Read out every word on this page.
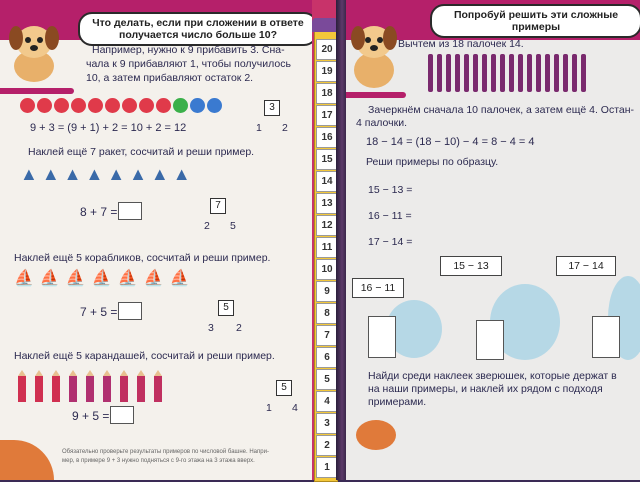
Что делать, если при сложении в ответе получается число больше 10?
Например, нужно к 9 прибавить 3. Сна-
чала к 9 прибавляют 1, чтобы получилось
10, а затем прибавляют остаток 2.
3
1 2
9 + 3 = (9 + 1) + 2 = 10 + 2 = 12
Наклей ещё 7 ракет, сосчитай и реши пример.
▲▲▲▲▲▲▲▲
8 + 7 =	7
2 5
Наклей ещё 5 кораблик​ов, сосчитай и реши пример.
⛵⛵⛵⛵⛵⛵⛵
7 + 5 =	5
3 2
Наклей ещё 5 карандашей, сосчитай и реши пример.
9 + 5 =
5
1 4
Обязательно проверьте результаты примеров по числовой башне. Напри-
мер, в примере 9 + 3 нужно подняться с 9-го этажа на 3 этажа вверх.
20
19
18
17
16
15
14
13
12
11
10
9
8
7
6
5
4
3
2
1
Попробуй решить эти сложные примеры
Вычтем из 18 палочек 14.
Зачеркнём сначала 10 палочек, а затем ещё 4. Остан-
4 палочки.
18 − 14 = (18 − 10) − 4 = 8 − 4 = 4
Реши примеры по образцу.
15 − 13 =
16 − 11 =
17 − 14 =
15 − 13	17 − 14
16 − 11
Найди среди наклеек зверюшек, которые держат в
на наши примеры, и наклей их рядом с подходя
примерами.
